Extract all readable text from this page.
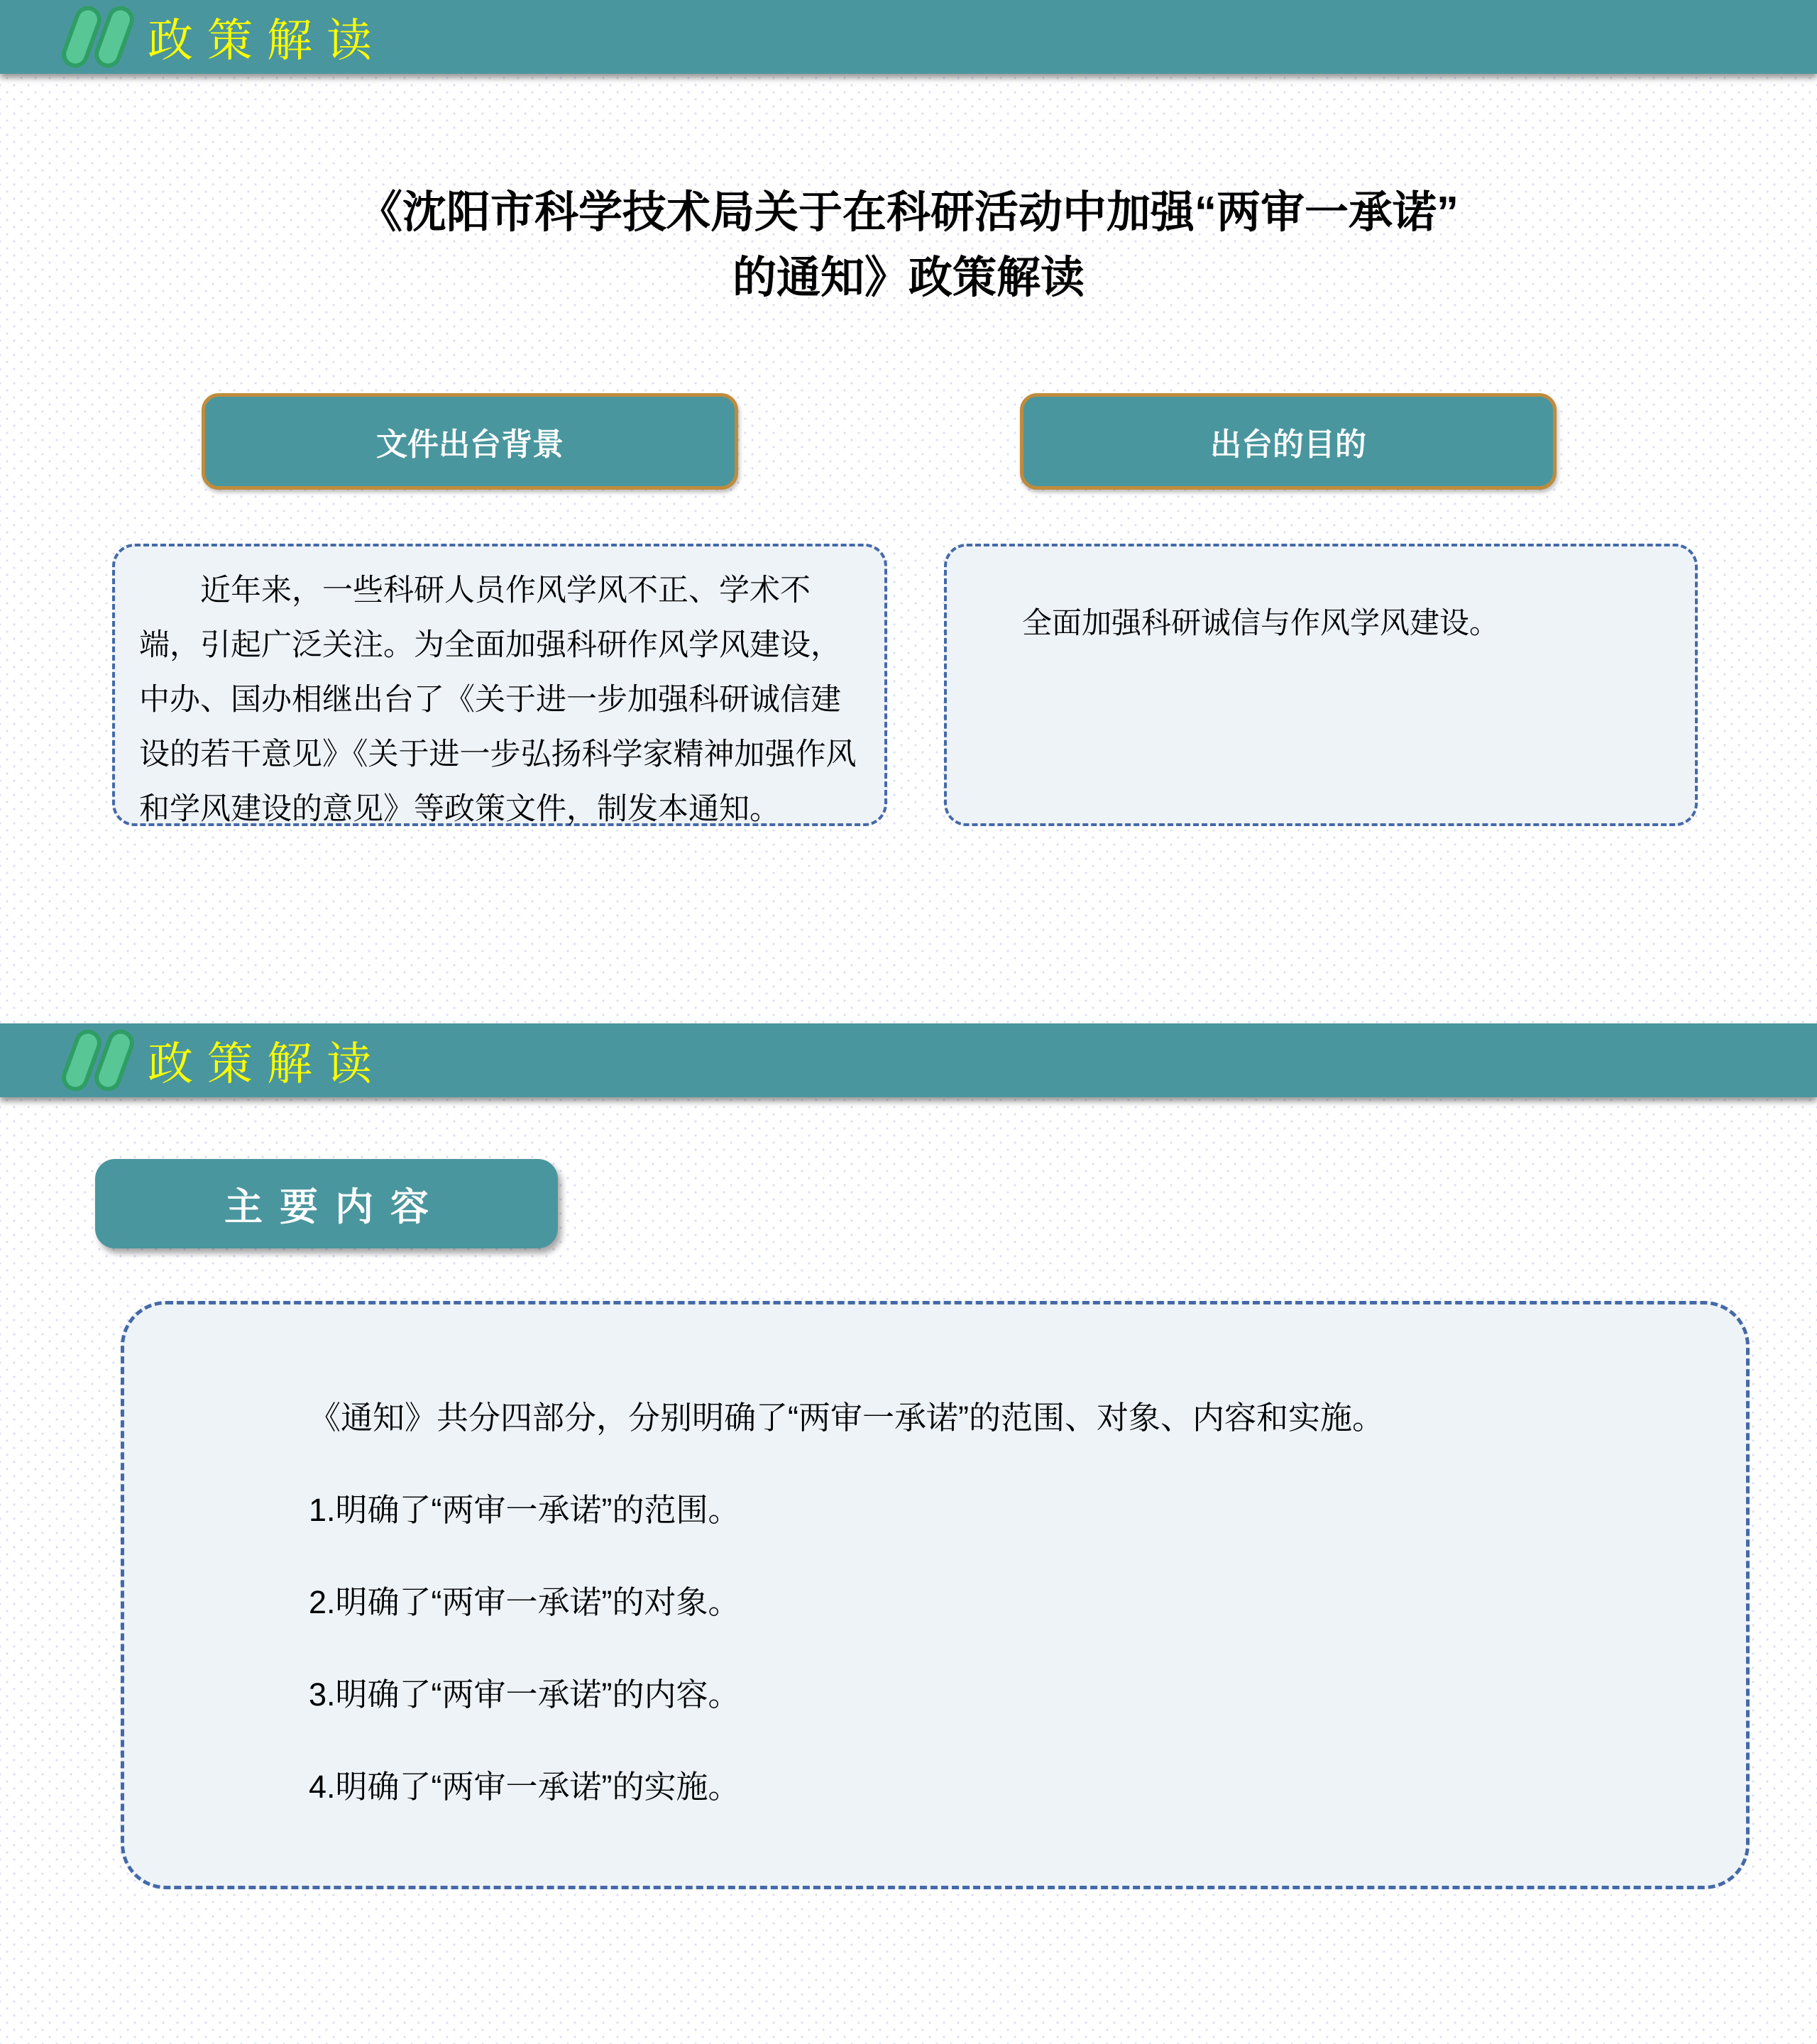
政策解读
《沈阳市科学技术局关于在科研活动中加强“两审一承诺”
的通知》政策解读
文件出台背景	出台的目的
近年来，一些科研人员作风学风不正、学术不端，引起广泛关注。为全面加强科研作风学风建设，中办、国办相继出台了《关于进一步加强科研诚信建设的若干意见》《关于进一步弘扬科学家精神加强作风和学风建设的意见》等政策文件，制发本通知。
全面加强科研诚信与作风学风建设。
政策解读
主要内容

《通知》共分四部分，分别明确了“两审一承诺”的范围、对象、内容和实施。

1.明确了“两审一承诺”的范围。

2.明确了“两审一承诺”的对象。

3.明确了“两审一承诺”的内容。

4.明确了“两审一承诺”的实施。
